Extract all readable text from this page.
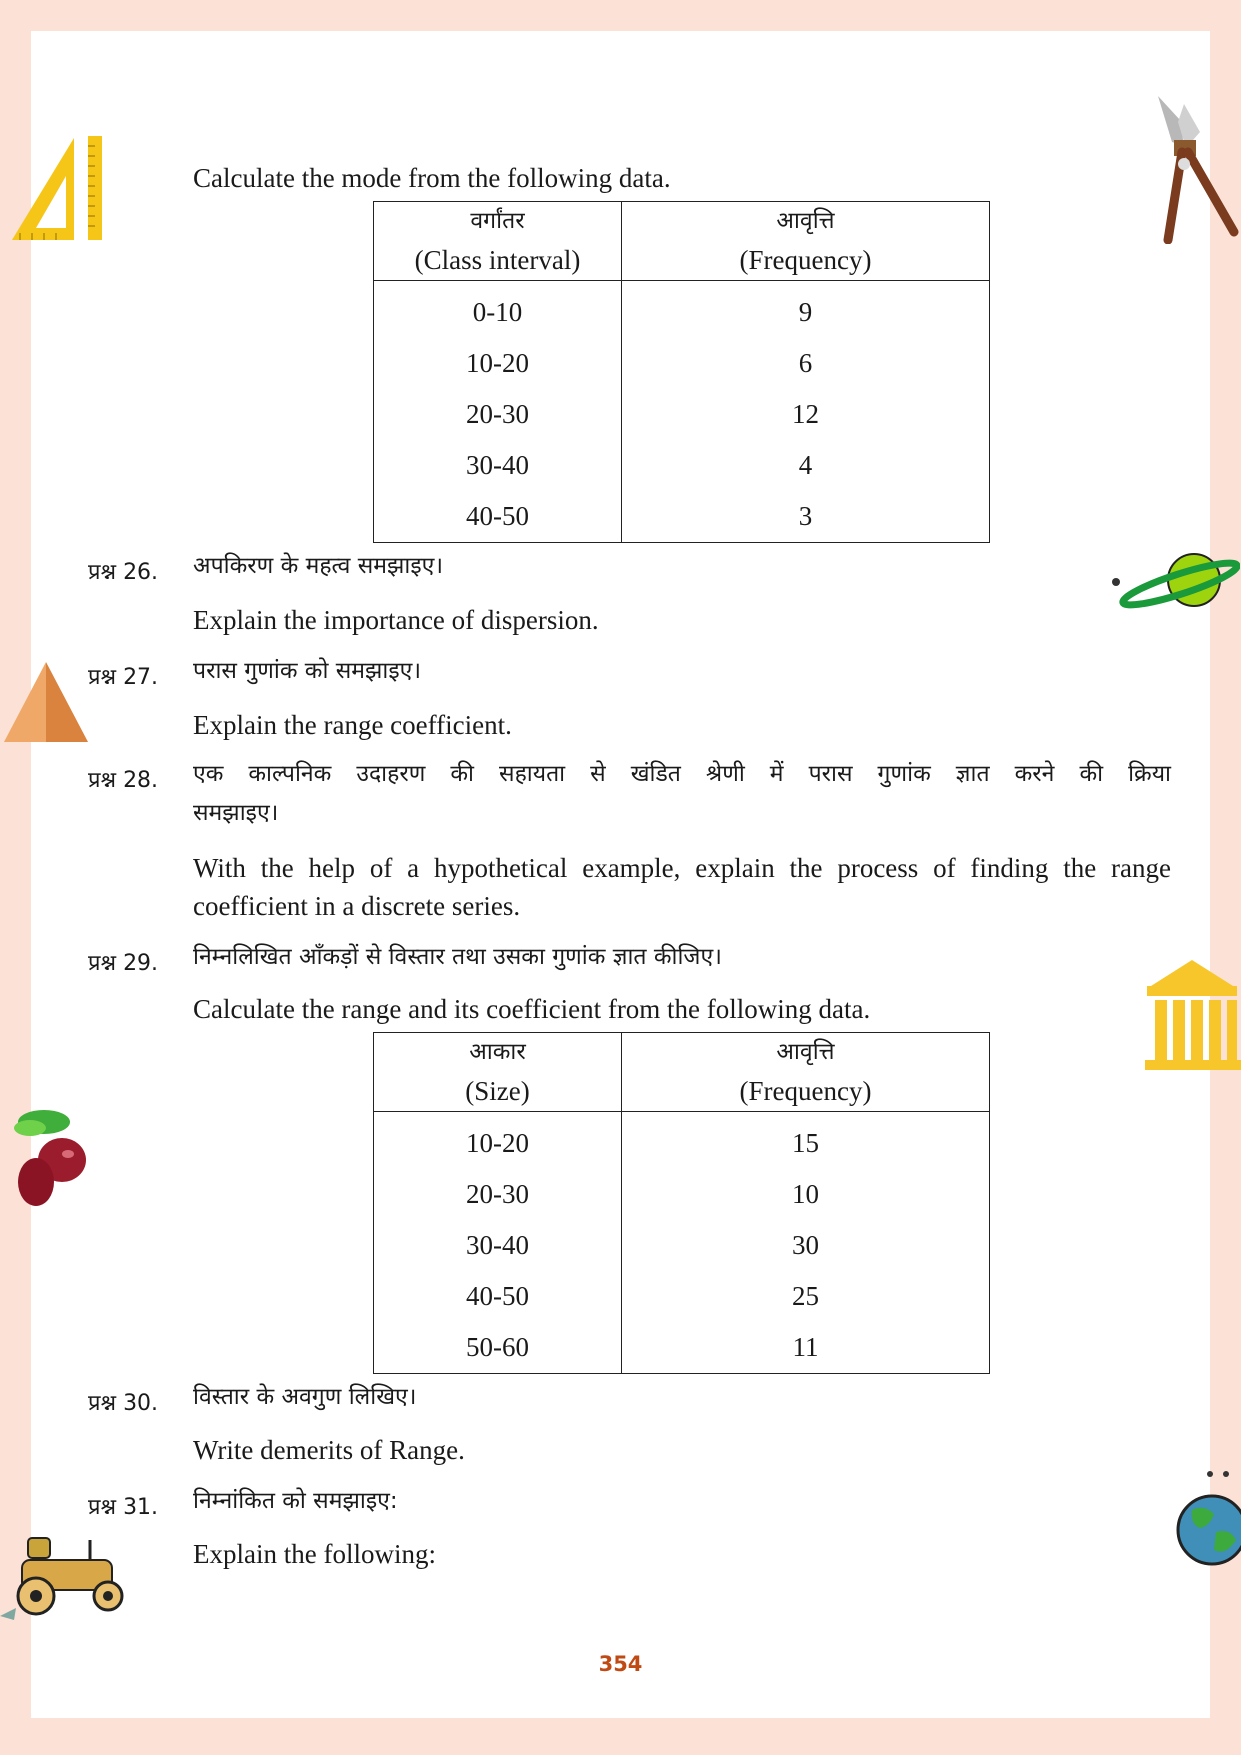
Calculate the mode from the following data.
वर्गांतर	आवृत्ति
(Class interval)	(Frequency)
0-10	9
10-20	6
20-30	12
30-40	4
40-50	3
प्रश्न 26. अपकिरण के महत्व समझाइए।
Explain the importance of dispersion.
प्रश्न 27. परास गुणांक को समझाइए।
Explain the range coefficient.
प्रश्न 28. एक काल्पनिक उदाहरण की सहायता से खंडित श्रेणी में परास गुणांक ज्ञात करने की क्रिया
समझाइए।
With the help of a hypothetical example, explain the process of finding the range
coefficient in a discrete series.
प्रश्न 29. निम्नलिखित आँकड़ों से विस्तार तथा उसका गुणांक ज्ञात कीजिए।
Calculate the range and its coefficient from the following data.
आकार	आवृत्ति
(Size)	(Frequency)
10-20	15
20-30	10
30-40	30
40-50	25
50-60	11
प्रश्न 30. विस्तार के अवगुण लिखिए।
Write demerits of Range.
प्रश्न 31. निम्नांकित को समझाइए:
Explain the following:
354
